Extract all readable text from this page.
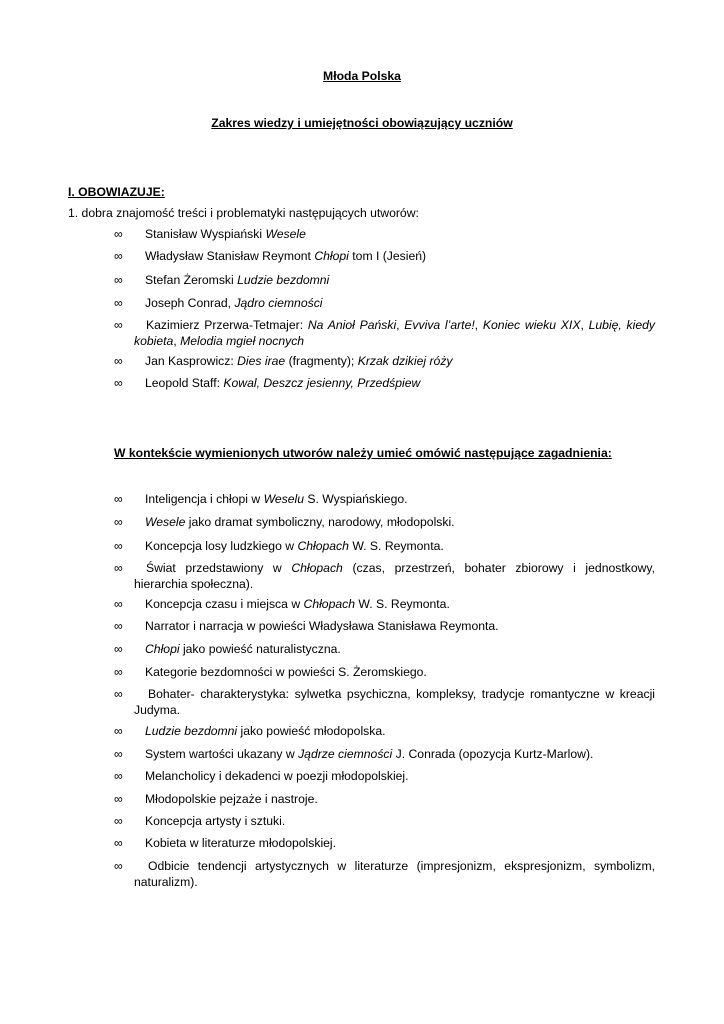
Młoda Polska
Zakres wiedzy i umiejętności obowiązujący uczniów
I. OBOWIAZUJE:
1. dobra znajomość treści i problematyki następujących utworów:
∞	Stanisław Wyspiański Wesele
∞	Władysław Stanisław Reymont Chłopi tom I (Jesień)
∞	Stefan Żeromski Ludzie bezdomni
∞	Joseph Conrad, Jądro ciemności
∞	Kazimierz Przerwa-Tetmajer: Na Anioł Pański, Evviva l’arte!, Koniec wieku XIX, Lubię, kiedy kobieta, Melodia mgieł nocnych
∞	Jan Kasprowicz: Dies irae (fragmenty); Krzak dzikiej róży
∞	Leopold Staff: Kowal, Deszcz jesienny, Przedśpiew
W kontekście wymienionych utworów należy umieć omówić następujące zagadnienia:
∞	Inteligencja i chłopi w Weselu S. Wyspiańskiego.
∞	Wesele jako dramat symboliczny, narodowy, młodopolski.
∞	Koncepcja losy ludzkiego w Chłopach W. S. Reymonta.
∞	Świat przedstawiony w Chłopach (czas, przestrzeń, bohater zbiorowy i jednostkowy, hierarchia społeczna).
∞	Koncepcja czasu i miejsca w Chłopach W. S. Reymonta.
∞	Narrator i narracja w powieści Władysława Stanisława Reymonta.
∞	Chłopi jako powieść naturalistyczna.
∞	Kategorie bezdomności w powieści S. Żeromskiego.
∞	Bohater- charakterystyka: sylwetka psychiczna, kompleksy, tradycje romantyczne w kreacji Judyma.
∞	Ludzie bezdomni jako powieść młodopolska.
∞	System wartości ukazany w Jądrze ciemności J. Conrada (opozycja Kurtz-Marlow).
∞	Melancholicy i dekadenci w poezji młodopolskiej.
∞	Młodopolskie pejzaże i nastroje.
∞	Koncepcja artysty i sztuki.
∞	Kobieta w literaturze młodopolskiej.
∞	Odbicie tendencji artystycznych w literaturze (impresjonizm, ekspresjonizm, symbolizm, naturalizm).
